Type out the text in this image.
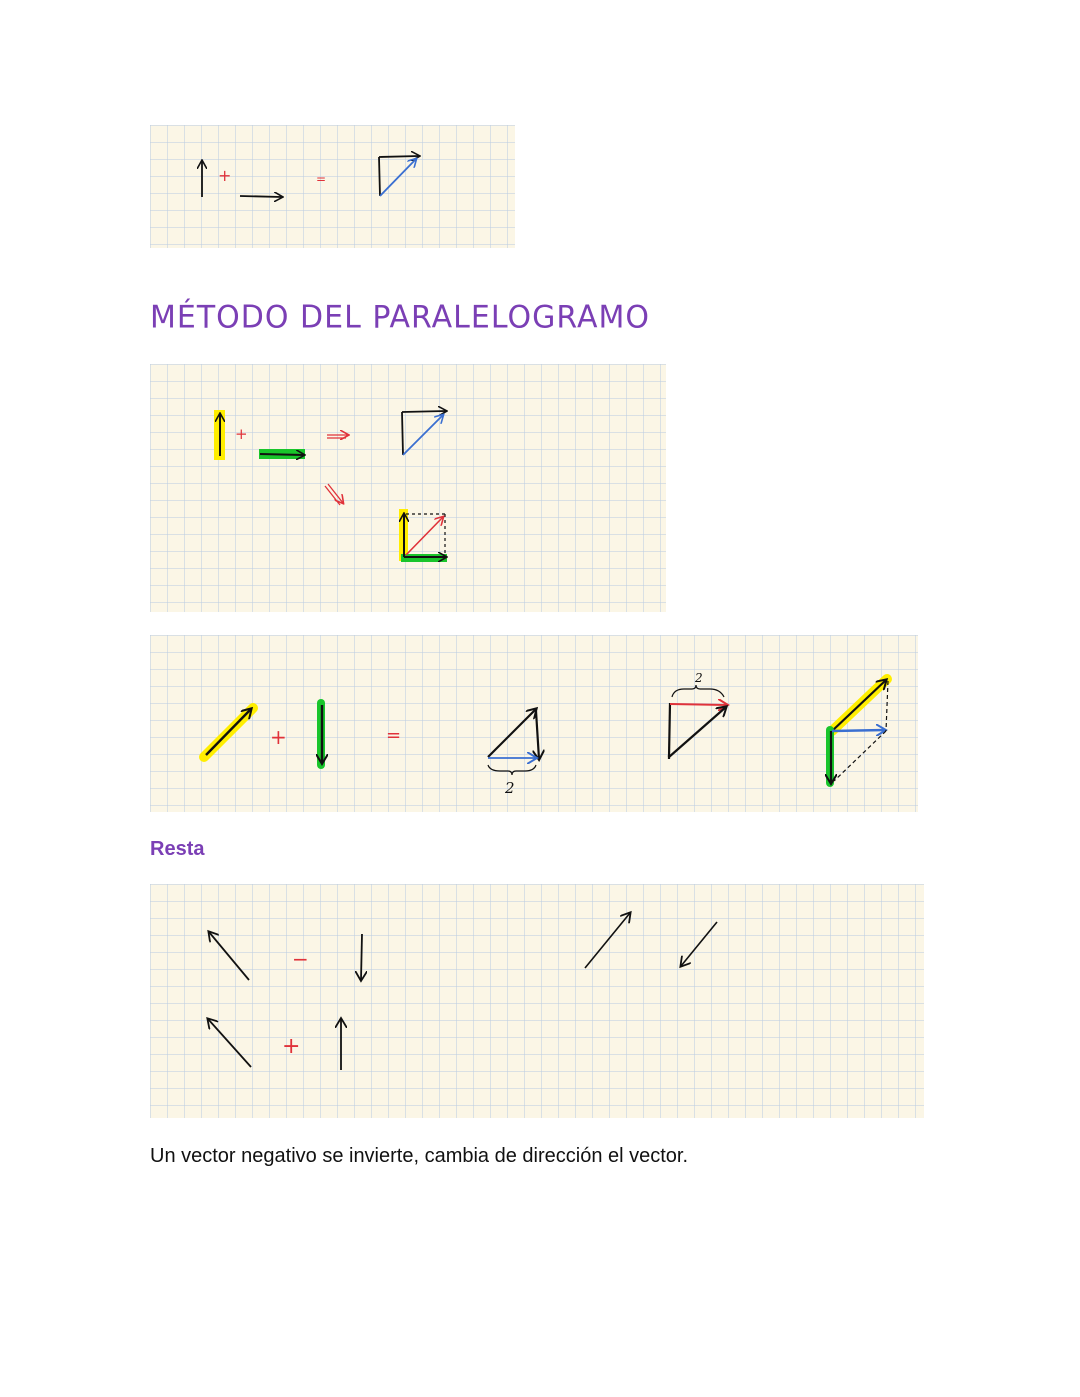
+	=
MÉTODO DEL PARALELOGRAMO
+
+	=
2
2
Resta
−
+
Un vector negativo se invierte, cambia de dirección el vector.
